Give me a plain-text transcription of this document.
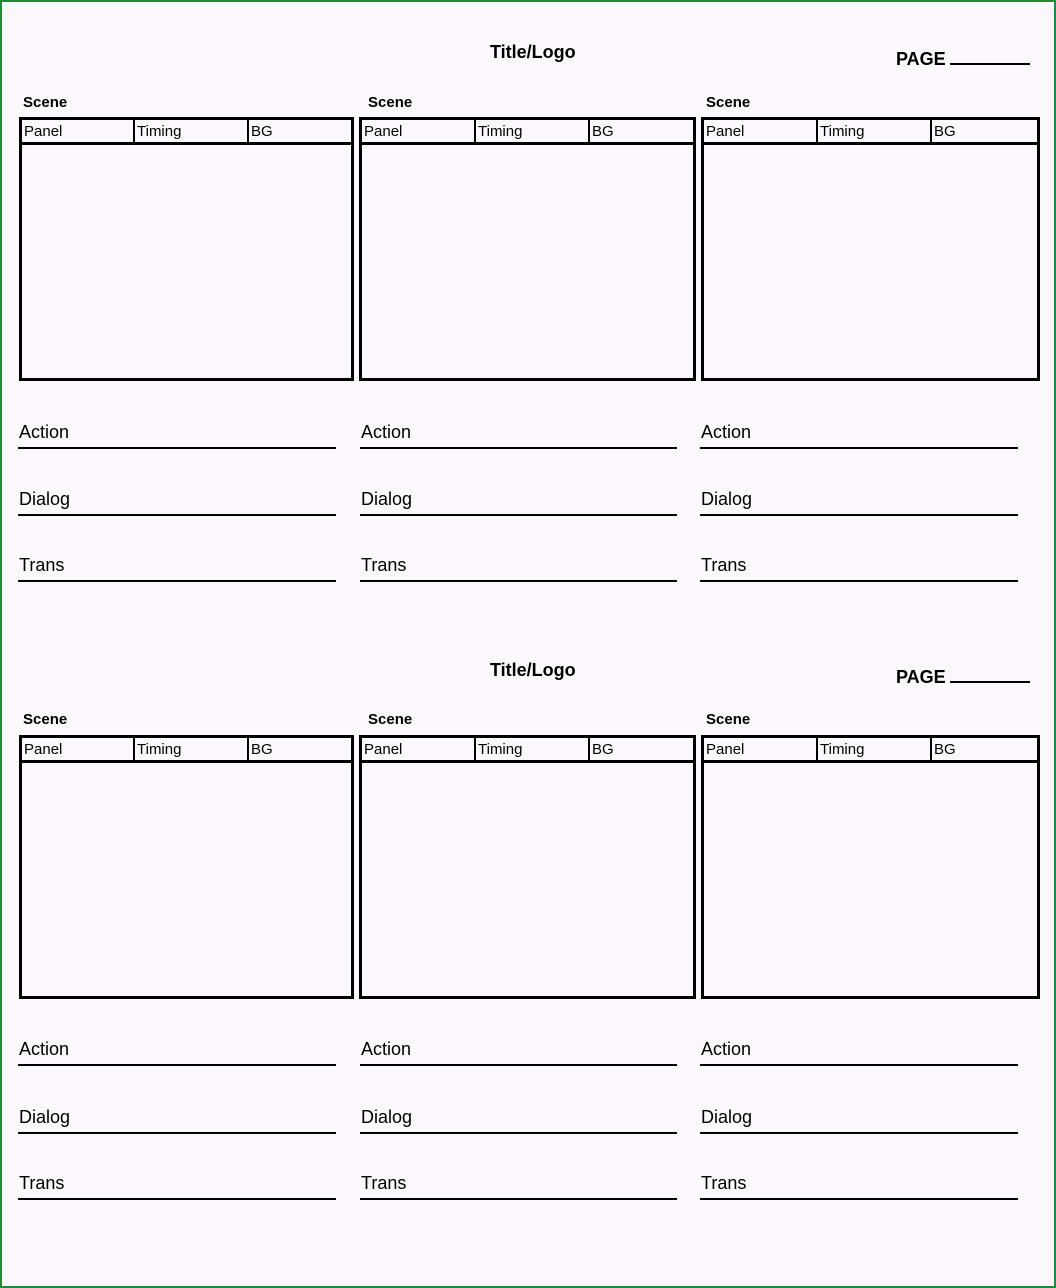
Title/Logo	PAGE
Scene
Panel	Timing	BG
Action
Dialog
Trans
Scene
Panel	Timing	BG
Action
Dialog
Trans
Scene
Panel	Timing	BG
Action
Dialog
Trans
Title/Logo	PAGE
Scene
Panel	Timing	BG
Action
Dialog
Trans
Scene
Panel	Timing	BG
Action
Dialog
Trans
Scene
Panel	Timing	BG
Action
Dialog
Trans
